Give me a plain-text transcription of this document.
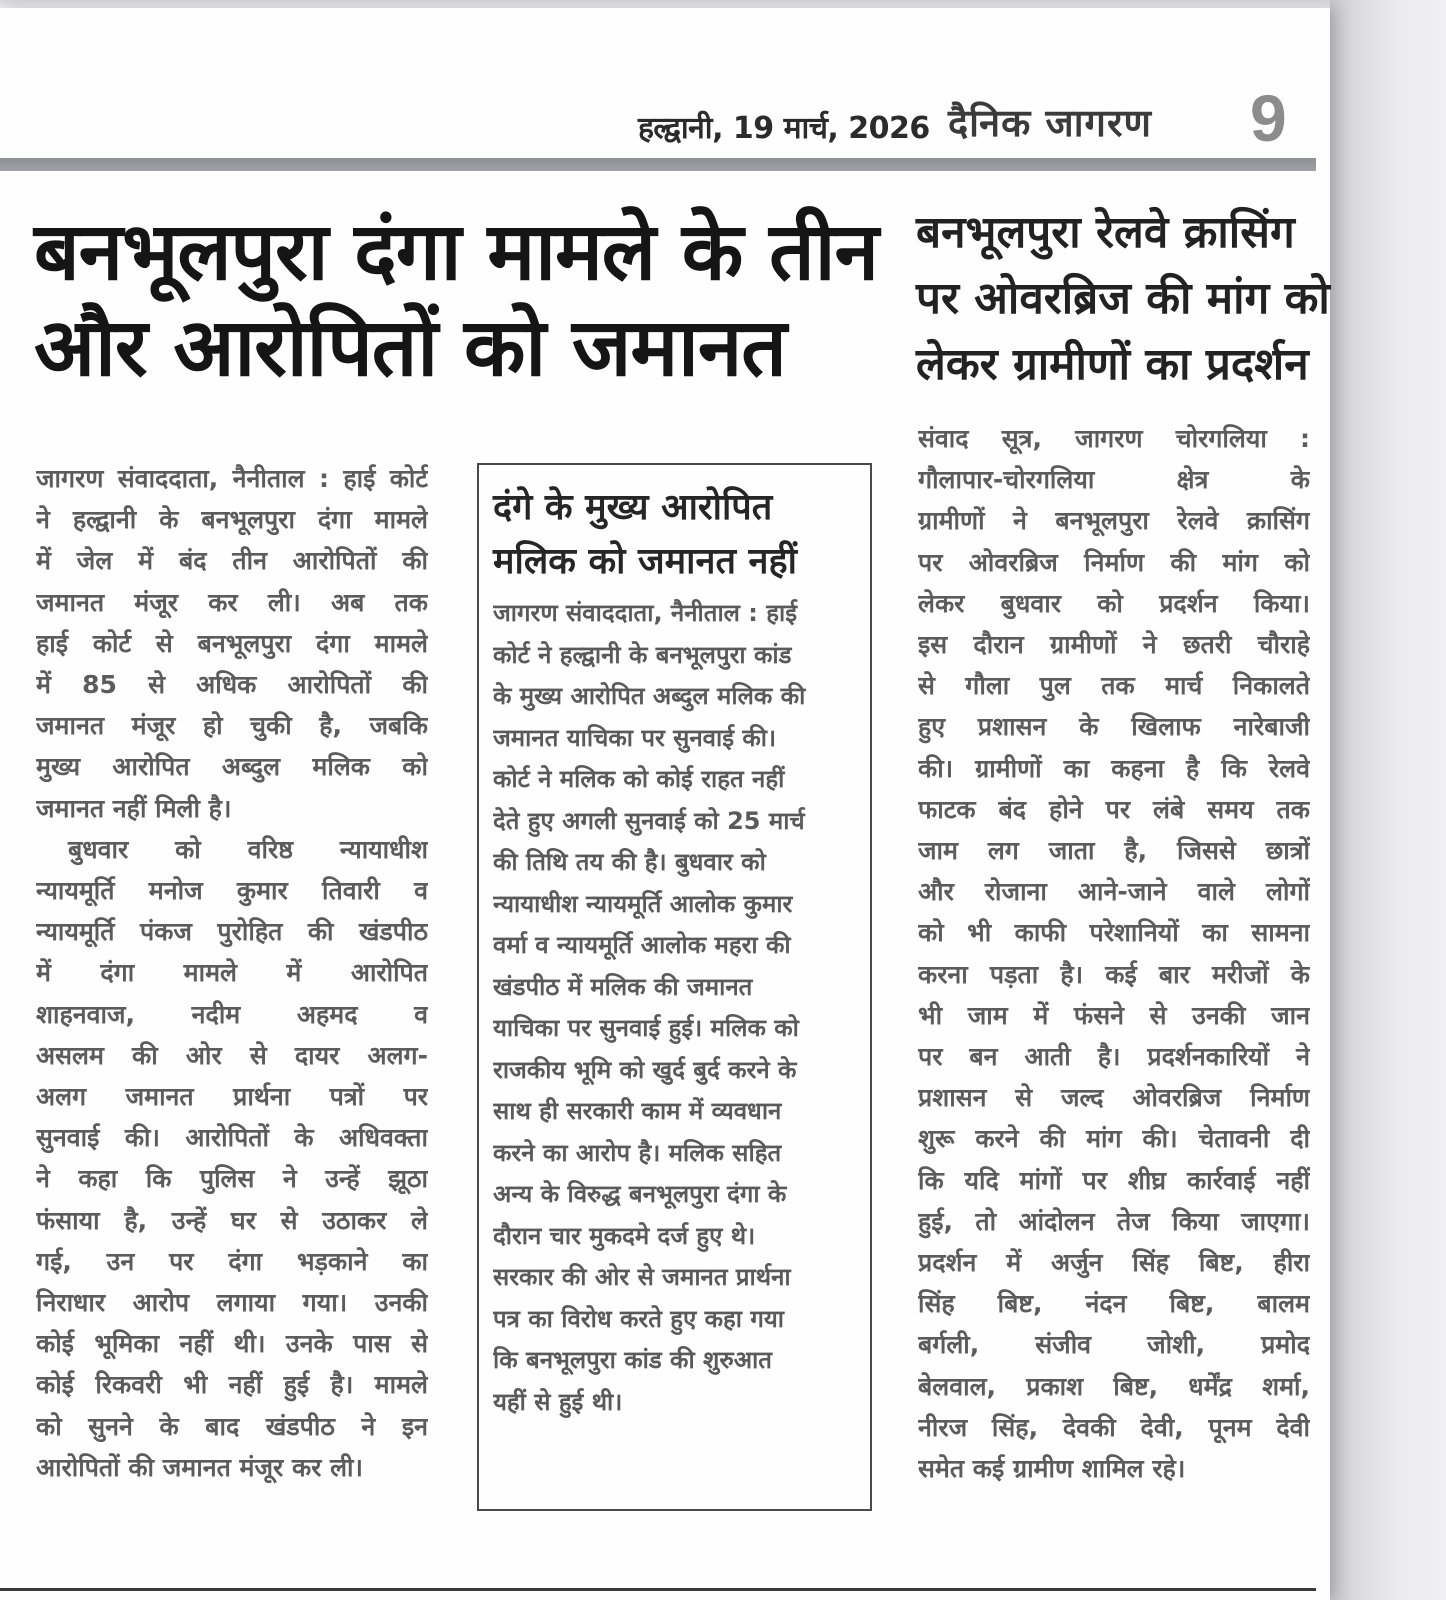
हल्द्वानी, 19 मार्च, 2026 दैनिक जागरण 9
बनभूलपुरा दंगा मामले के तीन
और आरोपितों को जमानत
जागरण संवाददाता, नैनीताल : हाई कोर्ट
ने हल्द्वानी के बनभूलपुरा दंगा मामले
में जेल में बंद तीन आरोपितों की
जमानत मंजूर कर ली। अब तक
हाई कोर्ट से बनभूलपुरा दंगा मामले
में 85 से अधिक आरोपितों की
जमानत मंजूर हो चुकी है, जबकि
मुख्य आरोपित अब्दुल मलिक को
जमानत नहीं मिली है।
बुधवार को वरिष्ठ न्यायाधीश
न्यायमूर्ति मनोज कुमार तिवारी व
न्यायमूर्ति पंकज पुरोहित की खंडपीठ
में दंगा मामले में आरोपित
शाहनवाज, नदीम अहमद व
असलम की ओर से दायर अलग-
अलग जमानत प्रार्थना पत्रों पर
सुनवाई की। आरोपितों के अधिवक्ता
ने कहा कि पुलिस ने उन्हें झूठा
फंसाया है, उन्हें घर से उठाकर ले
गई, उन पर दंगा भड़काने का
निराधार आरोप लगाया गया। उनकी
कोई भूमिका नहीं थी। उनके पास से
कोई रिकवरी भी नहीं हुई है। मामले
को सुनने के बाद खंडपीठ ने इन
आरोपितों की जमानत मंजूर कर ली।
दंगे के मुख्य आरोपित
मलिक को जमानत नहीं
जागरण संवाददाता, नैनीताल : हाई
कोर्ट ने हल्द्वानी के बनभूलपुरा कांड
के मुख्य आरोपित अब्दुल मलिक की
जमानत याचिका पर सुनवाई की।
कोर्ट ने मलिक को कोई राहत नहीं
देते हुए अगली सुनवाई को 25 मार्च
की तिथि तय की है। बुधवार को
न्यायाधीश न्यायमूर्ति आलोक कुमार
वर्मा व न्यायमूर्ति आलोक महरा की
खंडपीठ में मलिक की जमानत
याचिका पर सुनवाई हुई। मलिक को
राजकीय भूमि को खुर्द बुर्द करने के
साथ ही सरकारी काम में व्यवधान
करने का आरोप है। मलिक सहित
अन्य के विरुद्ध बनभूलपुरा दंगा के
दौरान चार मुकदमे दर्ज हुए थे।
सरकार की ओर से जमानत प्रार्थना
पत्र का विरोध करते हुए कहा गया
कि बनभूलपुरा कांड की शुरुआत
यहीं से हुई थी।
बनभूलपुरा रेलवे क्रासिंग
पर ओवरब्रिज की मांग को
लेकर ग्रामीणों का प्रदर्शन
संवाद सूत्र, जागरण चोरगलिया :
गौलापार-चोरगलिया क्षेत्र के
ग्रामीणों ने बनभूलपुरा रेलवे क्रासिंग
पर ओवरब्रिज निर्माण की मांग को
लेकर बुधवार को प्रदर्शन किया।
इस दौरान ग्रामीणों ने छतरी चौराहे
से गौला पुल तक मार्च निकालते
हुए प्रशासन के खिलाफ नारेबाजी
की। ग्रामीणों का कहना है कि रेलवे
फाटक बंद होने पर लंबे समय तक
जाम लग जाता है, जिससे छात्रों
और रोजाना आने-जाने वाले लोगों
को भी काफी परेशानियों का सामना
करना पड़ता है। कई बार मरीजों के
भी जाम में फंसने से उनकी जान
पर बन आती है। प्रदर्शनकारियों ने
प्रशासन से जल्द ओवरब्रिज निर्माण
शुरू करने की मांग की। चेतावनी दी
कि यदि मांगों पर शीघ्र कार्रवाई नहीं
हुई, तो आंदोलन तेज किया जाएगा।
प्रदर्शन में अर्जुन सिंह बिष्ट, हीरा
सिंह बिष्ट, नंदन बिष्ट, बालम
बर्गली, संजीव जोशी, प्रमोद
बेलवाल, प्रकाश बिष्ट, धर्मेंद्र शर्मा,
नीरज सिंह, देवकी देवी, पूनम देवी
समेत कई ग्रामीण शामिल रहे।
